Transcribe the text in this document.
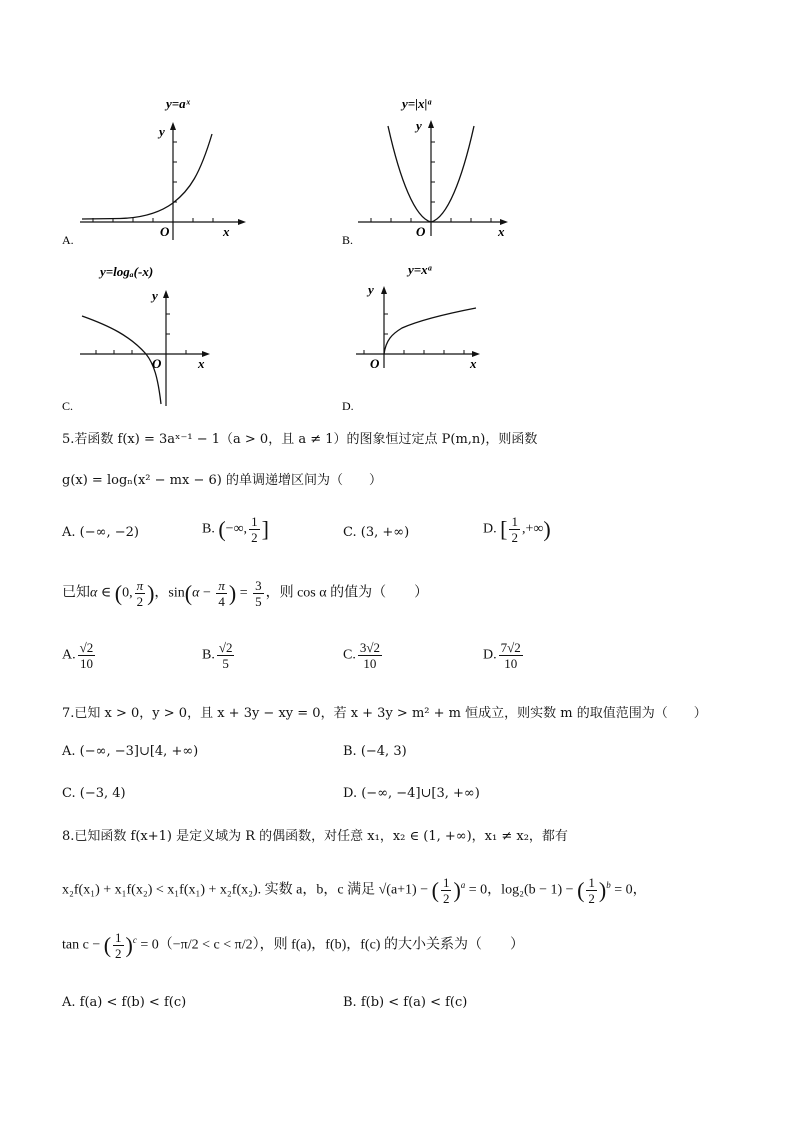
y=aˣ
y
x
O
A.
y=|x|ᵃ
y
x
O
B.
y=logₐ(-x)
y
x
O
C.
y=xᵃ
y
x
O
D.
5.若函数 f(x) = 3aˣ⁻¹ − 1（a > 0，且 a ≠ 1）的图象恒过定点 P(m,n)，则函数
g(x) = logₙ(x² − mx − 6) 的单调递增区间为（　　）
A. (−∞, −2)	B. (−∞, $\frac{1}{2}$ ]	C. (3, +∞)	D. [ $\frac{1}{2}$ ,+∞)
已知α ∈ (0, $\frac{\pi}{2}$ )，$\sin(\alpha - \frac{\pi}{4}$ ) = $\frac{3}{5}$ ，则 cos α 的值为（　　）
A. $\frac{√2}{10}$	B. $\frac{√2}{5}$	C. $\frac{3√2}{10}$	D. $\frac{7√2}{10}$
7.已知 x > 0，y > 0，且 x + 3y − xy = 0，若 x + 3y > m² + m 恒成立，则实数 m 的取值范围为（　　）
A. (−∞, −3]∪[4, +∞)	B. (−4, 3)
C. (−3, 4)	D. (−∞, −4]∪[3, +∞)
8.已知函数 f(x+1) 是定义域为 R 的偶函数，对任意 x₁，x₂ ∈ (1, +∞)，x₁ ≠ x₂，都有
x₂f(x₁) + x₁f(x₂) < x₁f(x₁) + x₂f(x₂). 实数 a，b，c 满足 √(a+1) − ( $\frac{1}{2} )^a = 0$，log₂(b − 1) − ( $\frac{1}{2} )^b = 0$，
tan c − ( $\frac{1}{2} )^c = 0(-\pi/2 < c < \pi/2)$，则 f(a)，f(b)，f(c) 的大小关系为（　　）
A. f(a) < f(b) < f(c)	B. f(b) < f(a) < f(c)
